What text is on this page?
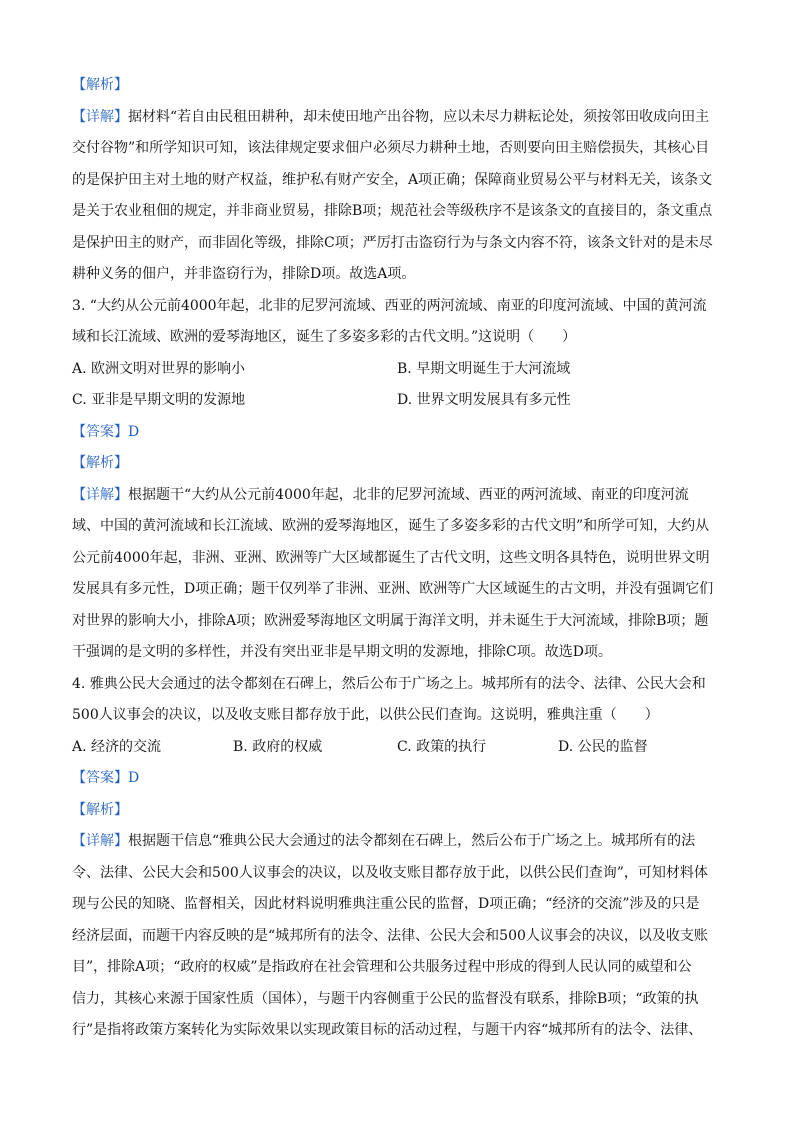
【解析】
【详解】据材料“若自由民租田耕种，却未使田地产出谷物，应以未尽力耕耘论处，须按邻田收成向田主
交付谷物”和所学知识可知，该法律规定要求佃户必须尽力耕种土地，否则要向田主赔偿损失，其核心目
的是保护田主对土地的财产权益，维护私有财产安全，A项正确；保障商业贸易公平与材料无关，该条文
是关于农业租佃的规定，并非商业贸易，排除B项；规范社会等级秩序不是该条文的直接目的，条文重点
是保护田主的财产，而非固化等级，排除C项；严厉打击盗窃行为与条文内容不符，该条文针对的是未尽
耕种义务的佃户，并非盗窃行为，排除D项。故选A项。
3. “大约从公元前4000年起，北非的尼罗河流域、西亚的两河流域、南亚的印度河流域、中国的黄河流
域和长江流域、欧洲的爱琴海地区，诞生了多姿多彩的古代文明。”这说明（　　）
A. 欧洲文明对世界的影响小	B. 早期文明诞生于大河流域
C. 亚非是早期文明的发源地	D. 世界文明发展具有多元性
【答案】D
【解析】
【详解】根据题干“大约从公元前4000年起，北非的尼罗河流域、西亚的两河流域、南亚的印度河流
域、中国的黄河流域和长江流域、欧洲的爱琴海地区，诞生了多姿多彩的古代文明”和所学可知，大约从
公元前4000年起，非洲、亚洲、欧洲等广大区域都诞生了古代文明，这些文明各具特色，说明世界文明
发展具有多元性，D项正确；题干仅列举了非洲、亚洲、欧洲等广大区域诞生的古文明，并没有强调它们
对世界的影响大小，排除A项；欧洲爱琴海地区文明属于海洋文明，并未诞生于大河流域，排除B项；题
干强调的是文明的多样性，并没有突出亚非是早期文明的发源地，排除C项。故选D项。
4. 雅典公民大会通过的法令都刻在石碑上，然后公布于广场之上。城邦所有的法令、法律、公民大会和
500人议事会的决议，以及收支账目都存放于此，以供公民们查询。这说明，雅典注重（　　）
A. 经济的交流	B. 政府的权威	C. 政策的执行	D. 公民的监督
【答案】D
【解析】
【详解】根据题干信息“雅典公民大会通过的法令都刻在石碑上，然后公布于广场之上。城邦所有的法
令、法律、公民大会和500人议事会的决议，以及收支账目都存放于此，以供公民们查询”，可知材料体
现与公民的知晓、监督相关，因此材料说明雅典注重公民的监督，D项正确；“经济的交流”涉及的只是
经济层面，而题干内容反映的是“城邦所有的法令、法律、公民大会和500人议事会的决议，以及收支账
目”，排除A项；“政府的权威”是指政府在社会管理和公共服务过程中形成的得到人民认同的威望和公
信力，其核心来源于国家性质（国体），与题干内容侧重于公民的监督没有联系，排除B项；“政策的执
行”是指将政策方案转化为实际效果以实现政策目标的活动过程，与题干内容“城邦所有的法令、法律、
